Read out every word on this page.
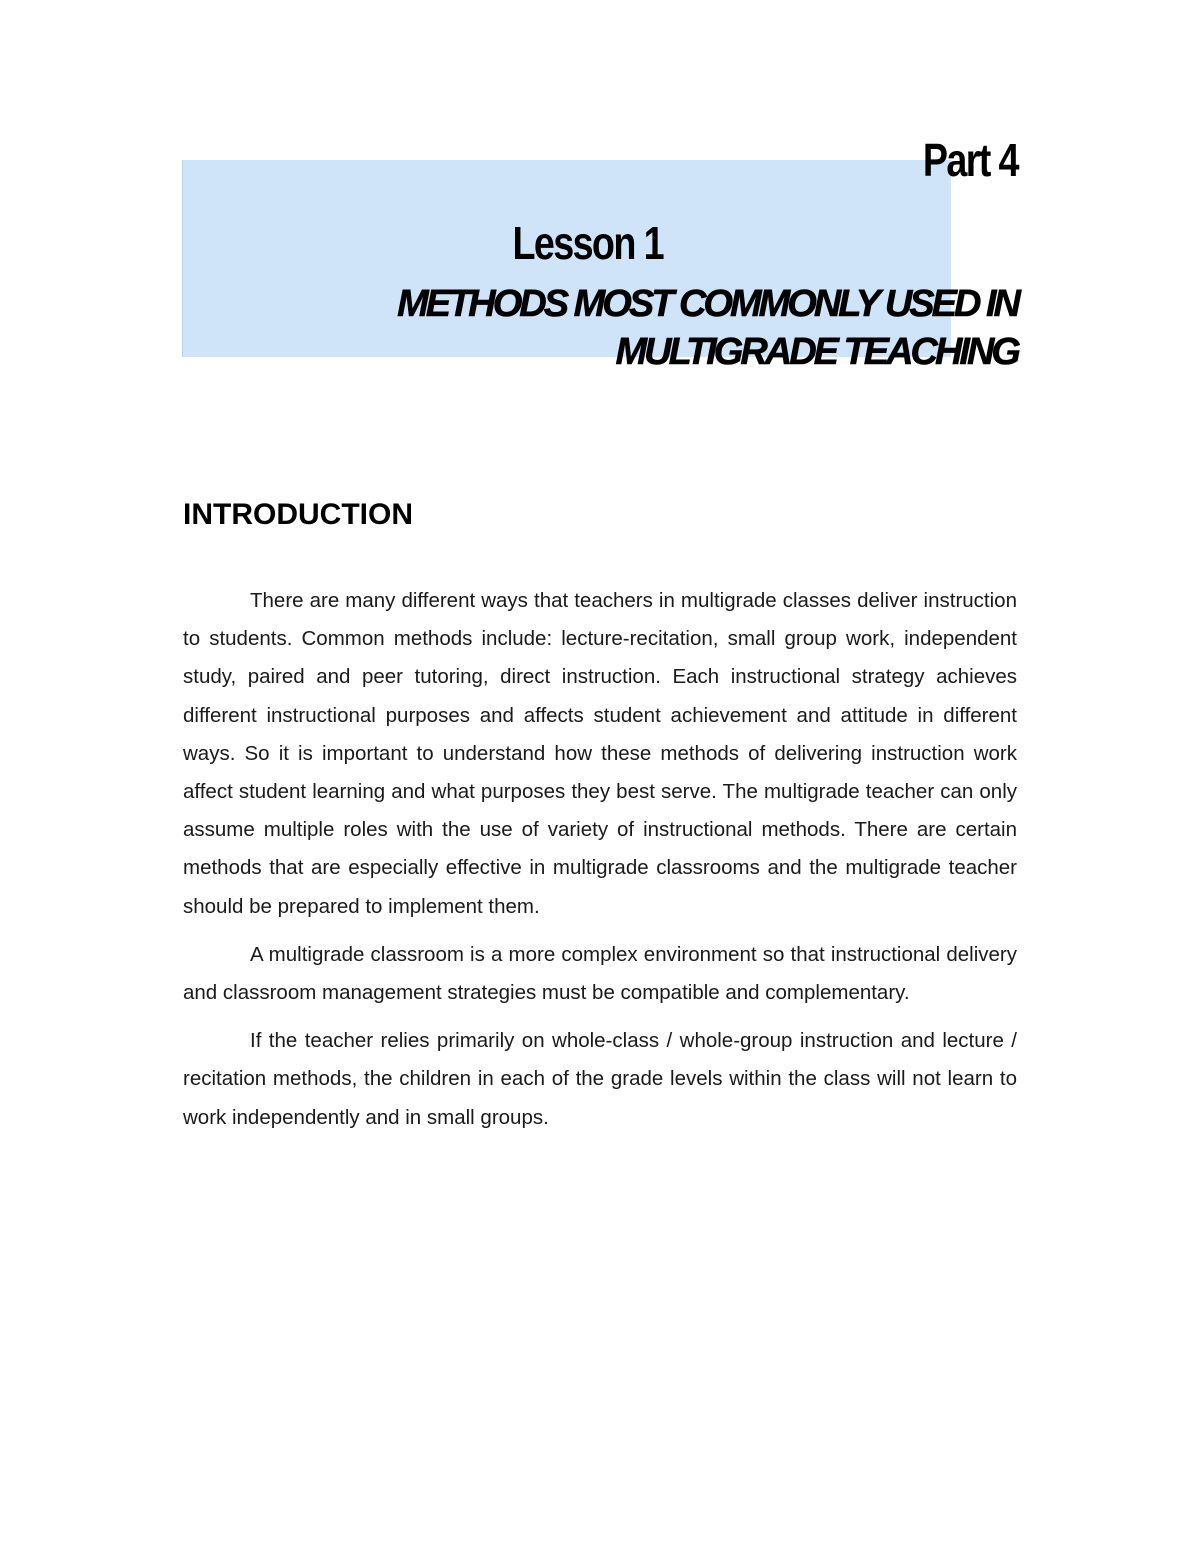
Part 4
Lesson 1
METHODS MOST COMMONLY USED IN MULTIGRADE TEACHING
INTRODUCTION

There are many different ways that teachers in multigrade classes deliver instruction to students. Common methods include: lecture-recitation, small group work, independent study, paired and peer tutoring, direct instruction. Each instructional strategy achieves different instructional purposes and affects student achievement and attitude in different ways. So it is important to understand how these methods of delivering instruction work affect student learning and what purposes they best serve. The multigrade teacher can only assume multiple roles with the use of variety of instructional methods. There are certain methods that are especially effective in multigrade classrooms and the multigrade teacher should be prepared to implement them.

A multigrade classroom is a more complex environment so that instructional delivery and classroom management strategies must be compatible and complementary.

If the teacher relies primarily on whole-class / whole-group instruction and lecture / recitation methods, the children in each of the grade levels within the class will not learn to work independently and in small groups.
